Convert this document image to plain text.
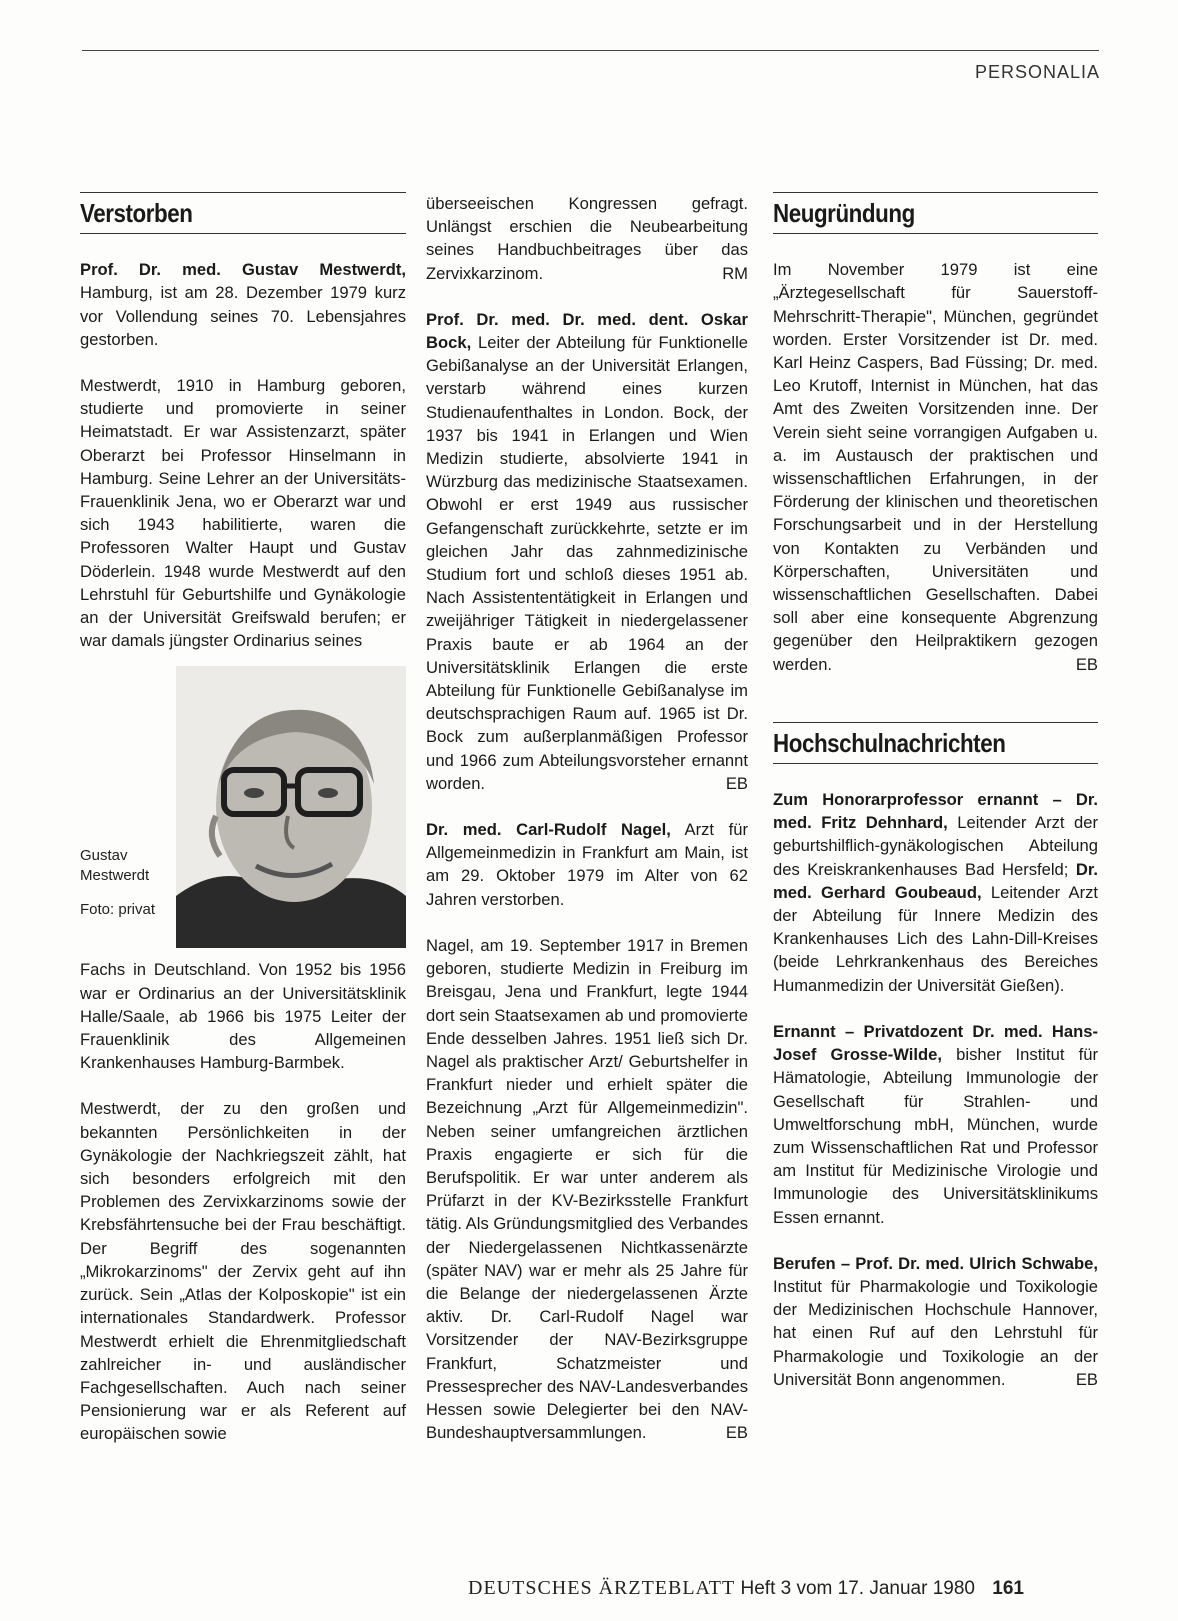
PERSONALIA
Verstorben

Prof. Dr. med. Gustav Mestwerdt, Hamburg, ist am 28. Dezember 1979 kurz vor Vollendung seines 70. Lebensjahres gestorben.

Mestwerdt, 1910 in Hamburg geboren, studierte und promovierte in seiner Heimatstadt. Er war Assistenzarzt, später Oberarzt bei Professor Hinselmann in Hamburg. Seine Lehrer an der Universitäts-Frauenklinik Jena, wo er Oberarzt war und sich 1943 habilitierte, waren die Professoren Walter Haupt und Gustav Döderlein. 1948 wurde Mestwerdt auf den Lehrstuhl für Geburtshilfe und Gynäkologie an der Universität Greifswald berufen; er war damals jüngster Ordinarius seines

Gustav Mestwerdt
Foto: privat

Fachs in Deutschland. Von 1952 bis 1956 war er Ordinarius an der Universitätsklinik Halle/Saale, ab 1966 bis 1975 Leiter der Frauenklinik des Allgemeinen Krankenhauses Hamburg-Barmbek.

Mestwerdt, der zu den großen und bekannten Persönlichkeiten in der Gynäkologie der Nachkriegszeit zählt, hat sich besonders erfolgreich mit den Problemen des Zervixkarzinoms sowie der Krebsfährtensuche bei der Frau beschäftigt. Der Begriff des sogenannten „Mikrokarzinoms" der Zervix geht auf ihn zurück. Sein „Atlas der Kolposkopie" ist ein internationales Standardwerk. Professor Mestwerdt erhielt die Ehrenmitgliedschaft zahlreicher in- und ausländischer Fachgesellschaften. Auch nach seiner Pensionierung war er als Referent auf europäischen sowie

überseeischen Kongressen gefragt. Unlängst erschien die Neubearbeitung seines Handbuchbeitrages über das Zervixkarzinom.	RM

Prof. Dr. med. Dr. med. dent. Oskar Bock, Leiter der Abteilung für Funktionelle Gebißanalyse an der Universität Erlangen, verstarb während eines kurzen Studienaufenthaltes in London. Bock, der 1937 bis 1941 in Erlangen und Wien Medizin studierte, absolvierte 1941 in Würzburg das medizinische Staatsexamen. Obwohl er erst 1949 aus russischer Gefangenschaft zurückkehrte, setzte er im gleichen Jahr das zahnmedizinische Studium fort und schloß dieses 1951 ab. Nach Assistententätigkeit in Erlangen und zweijähriger Tätigkeit in niedergelassener Praxis baute er ab 1964 an der Universitätsklinik Erlangen die erste Abteilung für Funktionelle Gebißanalyse im deutschsprachigen Raum auf. 1965 ist Dr. Bock zum außerplanmäßigen Professor und 1966 zum Abteilungsvorsteher ernannt worden.	EB

Dr. med. Carl-Rudolf Nagel, Arzt für Allgemeinmedizin in Frankfurt am Main, ist am 29. Oktober 1979 im Alter von 62 Jahren verstorben.

Nagel, am 19. September 1917 in Bremen geboren, studierte Medizin in Freiburg im Breisgau, Jena und Frankfurt, legte 1944 dort sein Staatsexamen ab und promovierte Ende desselben Jahres. 1951 ließ sich Dr. Nagel als praktischer Arzt/ Geburtshelfer in Frankfurt nieder und erhielt später die Bezeichnung „Arzt für Allgemeinmedizin". Neben seiner umfangreichen ärztlichen Praxis engagierte er sich für die Berufspolitik. Er war unter anderem als Prüfarzt in der KV-Bezirksstelle Frankfurt tätig. Als Gründungsmitglied des Verbandes der Niedergelassenen Nichtkassenärzte (später NAV) war er mehr als 25 Jahre für die Belange der niedergelassenen Ärzte aktiv. Dr. Carl-Rudolf Nagel war Vorsitzender der NAV-Bezirksgruppe Frankfurt, Schatzmeister und Pressesprecher des NAV-Landesverbandes Hessen sowie Delegierter bei den NAV-Bundeshauptversammlungen.	EB

Neugründung

Im November 1979 ist eine „Ärztegesellschaft für Sauerstoff-Mehrschritt-Therapie", München, gegründet worden. Erster Vorsitzender ist Dr. med. Karl Heinz Caspers, Bad Füssing; Dr. med. Leo Krutoff, Internist in München, hat das Amt des Zweiten Vorsitzenden inne. Der Verein sieht seine vorrangigen Aufgaben u. a. im Austausch der praktischen und wissenschaftlichen Erfahrungen, in der Förderung der klinischen und theoretischen Forschungsarbeit und in der Herstellung von Kontakten zu Verbänden und Körperschaften, Universitäten und wissenschaftlichen Gesellschaften. Dabei soll aber eine konsequente Abgrenzung gegenüber den Heilpraktikern gezogen werden.	EB

Hochschulnachrichten

Zum Honorarprofessor ernannt – Dr. med. Fritz Dehnhard, Leitender Arzt der geburtshilflich-gynäkologischen Abteilung des Kreiskrankenhauses Bad Hersfeld; Dr. med. Gerhard Goubeaud, Leitender Arzt der Abteilung für Innere Medizin des Krankenhauses Lich des Lahn-Dill-Kreises (beide Lehrkrankenhaus des Bereiches Humanmedizin der Universität Gießen).

Ernannt – Privatdozent Dr. med. Hans-Josef Grosse-Wilde, bisher Institut für Hämatologie, Abteilung Immunologie der Gesellschaft für Strahlen- und Umweltforschung mbH, München, wurde zum Wissenschaftlichen Rat und Professor am Institut für Medizinische Virologie und Immunologie des Universitätsklinikums Essen ernannt.

Berufen – Prof. Dr. med. Ulrich Schwabe, Institut für Pharmakologie und Toxikologie der Medizinischen Hochschule Hannover, hat einen Ruf auf den Lehrstuhl für Pharmakologie und Toxikologie an der Universität Bonn angenommen.	EB

DEUTSCHES ÄRZTEBLATT Heft 3 vom 17. Januar 1980 161
